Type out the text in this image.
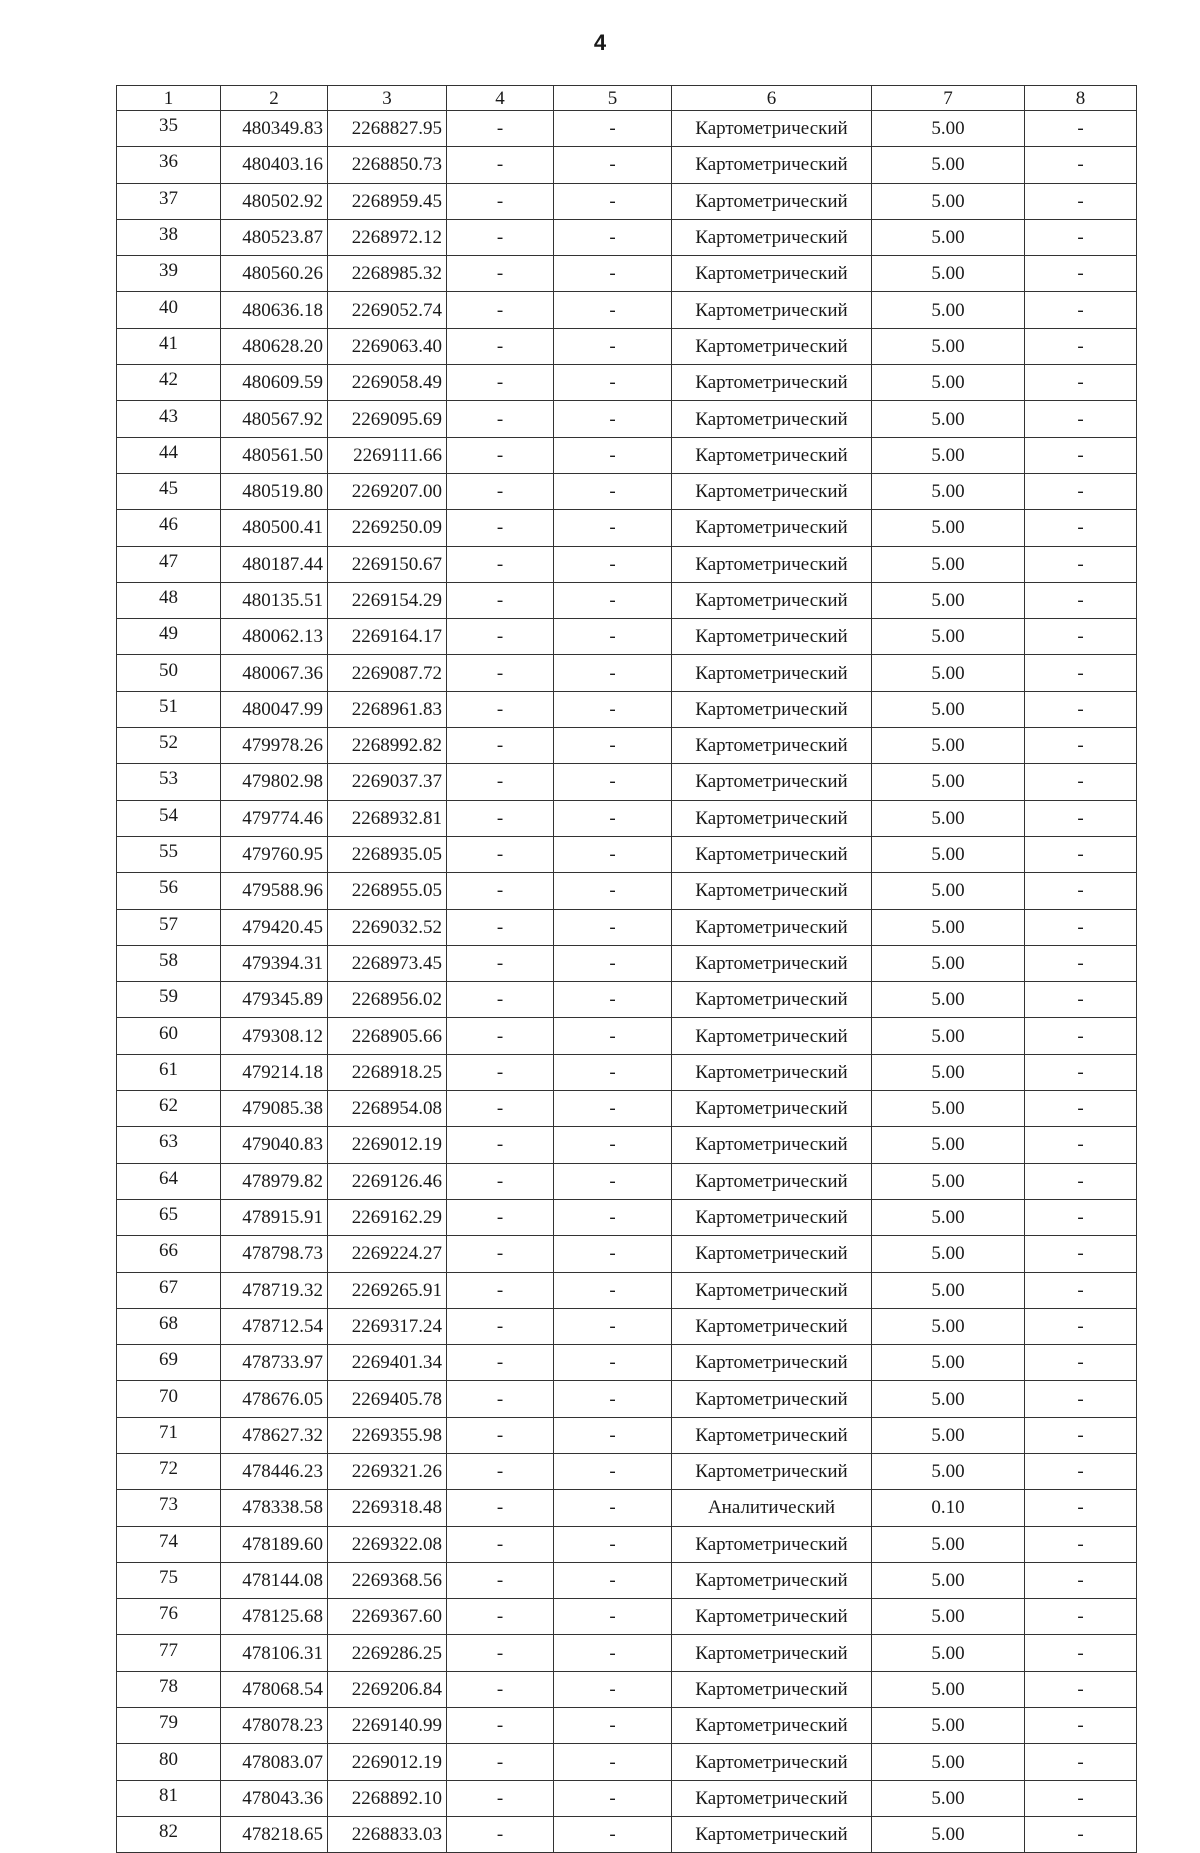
4
1	2	3	4	5	6	7	8
35	480349.83	2268827.95	-	-	Картометрический	5.00	-
36	480403.16	2268850.73	-	-	Картометрический	5.00	-
37	480502.92	2268959.45	-	-	Картометрический	5.00	-
38	480523.87	2268972.12	-	-	Картометрический	5.00	-
39	480560.26	2268985.32	-	-	Картометрический	5.00	-
40	480636.18	2269052.74	-	-	Картометрический	5.00	-
41	480628.20	2269063.40	-	-	Картометрический	5.00	-
42	480609.59	2269058.49	-	-	Картометрический	5.00	-
43	480567.92	2269095.69	-	-	Картометрический	5.00	-
44	480561.50	2269111.66	-	-	Картометрический	5.00	-
45	480519.80	2269207.00	-	-	Картометрический	5.00	-
46	480500.41	2269250.09	-	-	Картометрический	5.00	-
47	480187.44	2269150.67	-	-	Картометрический	5.00	-
48	480135.51	2269154.29	-	-	Картометрический	5.00	-
49	480062.13	2269164.17	-	-	Картометрический	5.00	-
50	480067.36	2269087.72	-	-	Картометрический	5.00	-
51	480047.99	2268961.83	-	-	Картометрический	5.00	-
52	479978.26	2268992.82	-	-	Картометрический	5.00	-
53	479802.98	2269037.37	-	-	Картометрический	5.00	-
54	479774.46	2268932.81	-	-	Картометрический	5.00	-
55	479760.95	2268935.05	-	-	Картометрический	5.00	-
56	479588.96	2268955.05	-	-	Картометрический	5.00	-
57	479420.45	2269032.52	-	-	Картометрический	5.00	-
58	479394.31	2268973.45	-	-	Картометрический	5.00	-
59	479345.89	2268956.02	-	-	Картометрический	5.00	-
60	479308.12	2268905.66	-	-	Картометрический	5.00	-
61	479214.18	2268918.25	-	-	Картометрический	5.00	-
62	479085.38	2268954.08	-	-	Картометрический	5.00	-
63	479040.83	2269012.19	-	-	Картометрический	5.00	-
64	478979.82	2269126.46	-	-	Картометрический	5.00	-
65	478915.91	2269162.29	-	-	Картометрический	5.00	-
66	478798.73	2269224.27	-	-	Картометрический	5.00	-
67	478719.32	2269265.91	-	-	Картометрический	5.00	-
68	478712.54	2269317.24	-	-	Картометрический	5.00	-
69	478733.97	2269401.34	-	-	Картометрический	5.00	-
70	478676.05	2269405.78	-	-	Картометрический	5.00	-
71	478627.32	2269355.98	-	-	Картометрический	5.00	-
72	478446.23	2269321.26	-	-	Картометрический	5.00	-
73	478338.58	2269318.48	-	-	Аналитический	0.10	-
74	478189.60	2269322.08	-	-	Картометрический	5.00	-
75	478144.08	2269368.56	-	-	Картометрический	5.00	-
76	478125.68	2269367.60	-	-	Картометрический	5.00	-
77	478106.31	2269286.25	-	-	Картометрический	5.00	-
78	478068.54	2269206.84	-	-	Картометрический	5.00	-
79	478078.23	2269140.99	-	-	Картометрический	5.00	-
80	478083.07	2269012.19	-	-	Картометрический	5.00	-
81	478043.36	2268892.10	-	-	Картометрический	5.00	-
82	478218.65	2268833.03	-	-	Картометрический	5.00	-
